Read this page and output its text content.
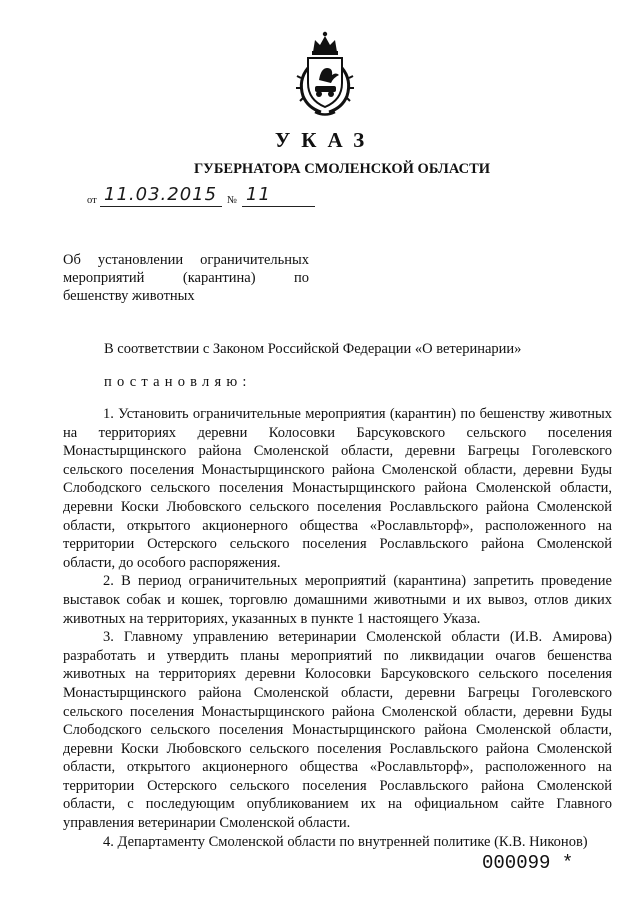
УКАЗ
ГУБЕРНАТОРА СМОЛЕНСКОЙ ОБЛАСТИ
от 11.03.2015 № 11
Об установлении ограничительных
мероприятий (карантина) по
бешенству животных
В соответствии с Законом Российской Федерации «О ветеринарии»
постановляю:

1. Установить ограничительные мероприятия (карантин) по бешенству животных на территориях деревни Колосовки Барсуковского сельского поселения Монастырщинского района Смоленской области, деревни Багрецы Гоголевского сельского поселения Монастырщинского района Смоленской области, деревни Буды Слободского сельского поселения Монастырщинского района Смоленской области, деревни Коски Любовского сельского поселения Рославльского района Смоленской области, открытого акционерного общества «Рославльторф», расположенного на территории Остерского сельского поселения Рославльского района Смоленской области, до особого распоряжения.

2. В период ограничительных мероприятий (карантина) запретить проведение выставок собак и кошек, торговлю домашними животными и их вывоз, отлов диких животных на территориях, указанных в пункте 1 настоящего Указа.

3. Главному управлению ветеринарии Смоленской области (И.В. Амирова) разработать и утвердить планы мероприятий по ликвидации очагов бешенства животных на территориях деревни Колосовки Барсуковского сельского поселения Монастырщинского района Смоленской области, деревни Багрецы Гоголевского сельского поселения Монастырщинского района Смоленской области, деревни Буды Слободского сельского поселения Монастырщинского района Смоленской области, деревни Коски Любовского сельского поселения Рославльского района Смоленской области, открытого акционерного общества «Рославльторф», расположенного на территории Остерского сельского поселения Рославльского района Смоленской области, с последующим опубликованием их на официальном сайте Главного управления ветеринарии Смоленской области.

4. Департаменту Смоленской области по внутренней политике (К.В. Никонов)

000099 *
